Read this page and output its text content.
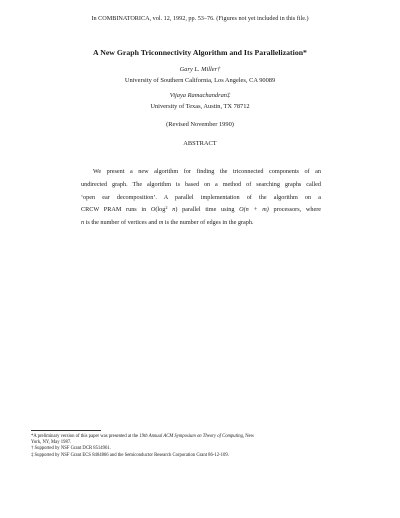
In COMBINATORICA, vol. 12, 1992, pp. 53–76. (Figures not yet included in this file.)
A New Graph Triconnectivity Algorithm and Its Parallelization*
Gary L. Miller†
University of Southern California, Los Angeles, CA 90089
Vijaya Ramachandran‡
University of Texas, Austin, TX 78712
(Revised November 1990)
ABSTRACT
We present a new algorithm for finding the triconnected components of an
undirected graph. The algorithm is based on a method of searching graphs called
‘open ear decomposition’. A parallel implementation of the algorithm on a
CRCW PRAM runs in $O(\log^2$ n) parallel time using O(n + m) processors, where
n is the number of vertices and m is the number of edges in the graph.
*A preliminary version of this paper was presented at the 19th Annual ACM Symposium on Theory of Computing, New
York, NY, May 1987.
† Supported by NSF Grant DCR 8514961.
‡ Supported by NSF Grant ECS 8404866 and the Semiconductor Research Corporation Grant 86-12-109.
